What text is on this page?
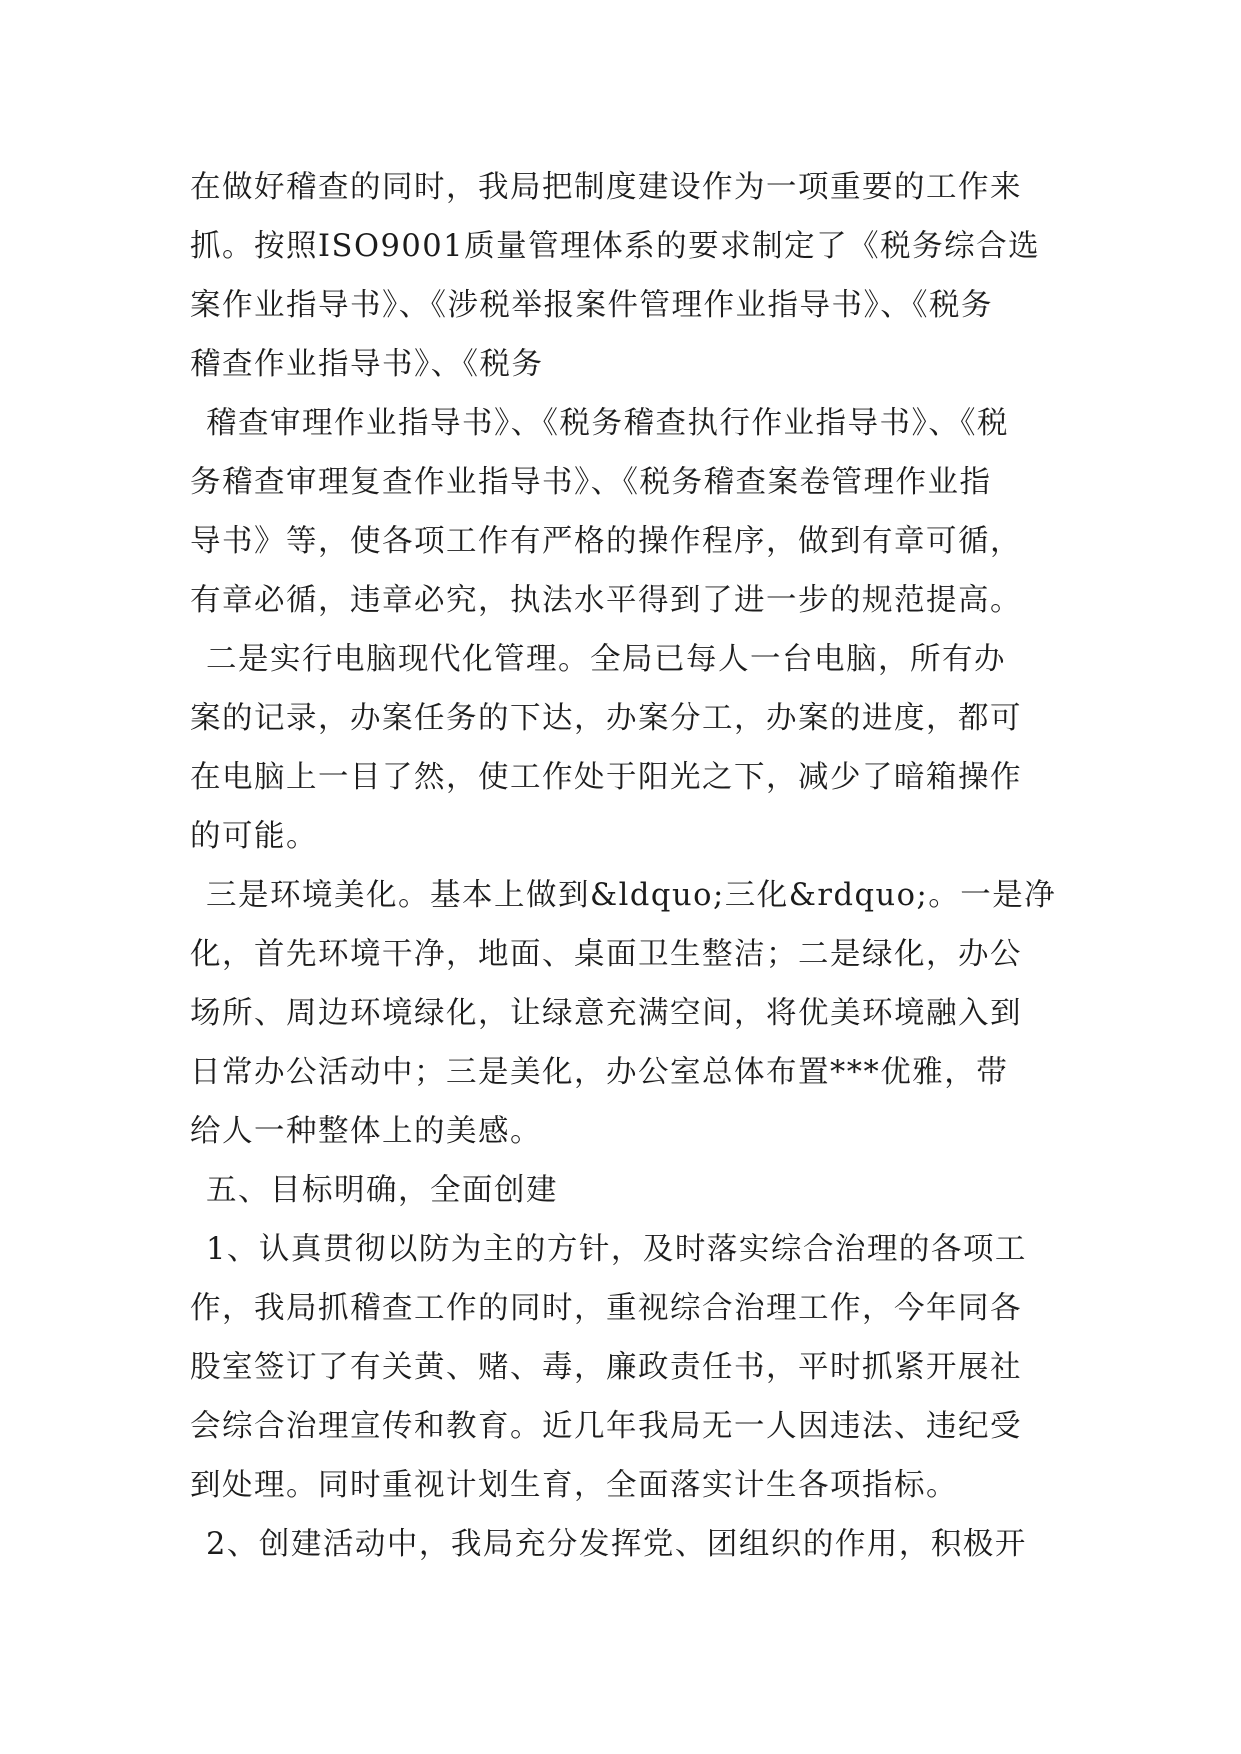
在做好稽查的同时，我局把制度建设作为一项重要的工作来
抓。按照ISO9001质量管理体系的要求制定了《税务综合选
案作业指导书》、《涉税举报案件管理作业指导书》、《税务
稽查作业指导书》、《税务
稽查审理作业指导书》、《税务稽查执行作业指导书》、《税
务稽查审理复查作业指导书》、《税务稽查案卷管理作业指
导书》等，使各项工作有严格的操作程序，做到有章可循，
有章必循，违章必究，执法水平得到了进一步的规范提高。
二是实行电脑现代化管理。全局已每人一台电脑，所有办
案的记录，办案任务的下达，办案分工，办案的进度，都可
在电脑上一目了然，使工作处于阳光之下，减少了暗箱操作
的可能。
三是环境美化。基本上做到&ldquo;三化&rdquo;。一是净
化，首先环境干净，地面、桌面卫生整洁；二是绿化，办公
场所、周边环境绿化，让绿意充满空间，将优美环境融入到
日常办公活动中；三是美化，办公室总体布置***优雅，带
给人一种整体上的美感。
五、目标明确，全面创建
1、认真贯彻以防为主的方针，及时落实综合治理的各项工
作，我局抓稽查工作的同时，重视综合治理工作，今年同各
股室签订了有关黄、赌、毒，廉政责任书，平时抓紧开展社
会综合治理宣传和教育。近几年我局无一人因违法、违纪受
到处理。同时重视计划生育，全面落实计生各项指标。
2、创建活动中，我局充分发挥党、团组织的作用，积极开
